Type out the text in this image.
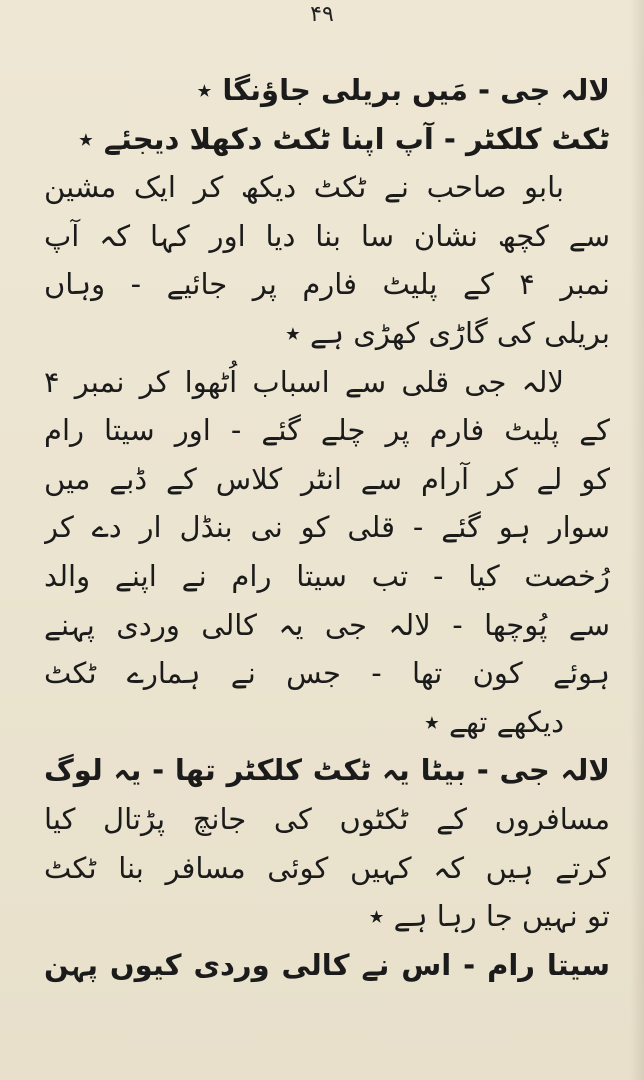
۴۹
لالہ جی - مَیں بریلی جاؤنگا ٭
ٹکٹ کلکٹر - آپ اپنا ٹکٹ دکھلا دیجئے ٭
بابو صاحب نے ٹکٹ دیکھ کر ایک مشین
سے کچھ نشان سا بنا دیا اور کہا کہ آپ
نمبر ۴ کے پلیٹ فارم پر جائیے - وہاں
بریلی کی گاڑی کھڑی ہے ٭
لالہ جی قلی سے اسباب اُٹھوا کر نمبر ۴
کے پلیٹ فارم پر چلے گئے - اور سیتا رام
کو لے کر آرام سے انٹر کلاس کے ڈبے میں
سوار ہو گئے - قلی کو نی بنڈل ار دے کر
رُخصت کیا - تب سیتا رام نے اپنے والد
سے پُوچھا - لالہ جی یہ کالی وردی پہنے
ہوئے کون تھا - جس نے ہمارے ٹکٹ
دیکھے تھے ٭
لالہ جی - بیٹا یہ ٹکٹ کلکٹر تھا - یہ لوگ
مسافروں کے ٹکٹوں کی جانچ پڑتال کیا
کرتے ہیں کہ کہیں کوئی مسافر بنا ٹکٹ
تو نہیں جا رہا ہے ٭
سیتا رام - اس نے کالی وردی کیوں پہن
